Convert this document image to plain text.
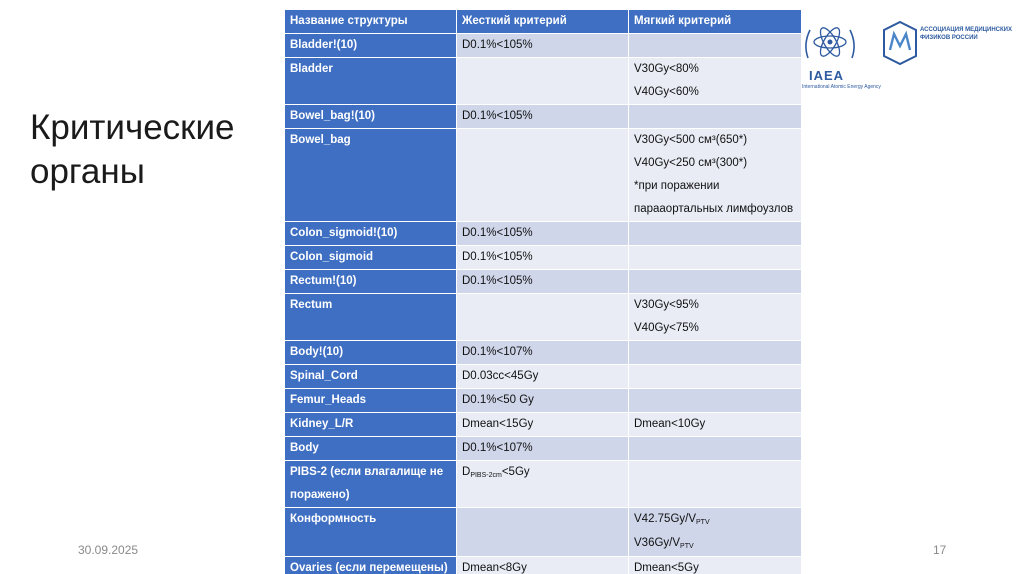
Критические
органы
Название структуры	Жесткий критерий	Мягкий критерий
Bladder!(10)	D0.1%<105%	

Bladder		V30Gy<80%
V40Gy<60%

Bowel_bag!(10)	D0.1%<105%	

Bowel_bag		V30Gy<500 см³(650*)
V40Gy<250 см³(300*)
*при поражении
парааортальных лимфоузлов

Colon_sigmoid!(10)	D0.1%<105%	

Colon_sigmoid	D0.1%<105%	

Rectum!(10)	D0.1%<105%	

Rectum		V30Gy<95%
V40Gy<75%

Body!(10)	D0.1%<107%	

Spinal_Cord	D0.03cc<45Gy	

Femur_Heads	D0.1%<50 Gy	

Kidney_L/R	Dmean<15Gy	Dmean<10Gy

Body	D0.1%<107%	

PIBS-2 (если влагалище не поражено)	$D_{PIBS-2cm}<5Gy$	

Конформность		$V42.75Gy/V_{PTV}$
$V36Gy/V_{PTV}$

Ovaries (если перемещены)	Dmean<8Gy	Dmean<5Gy
IAEA
International Atomic Energy Agency
АССОЦИАЦИЯ МЕДИЦИНСКИХ ФИЗИКОВ РОССИИ
30.09.2025	17
